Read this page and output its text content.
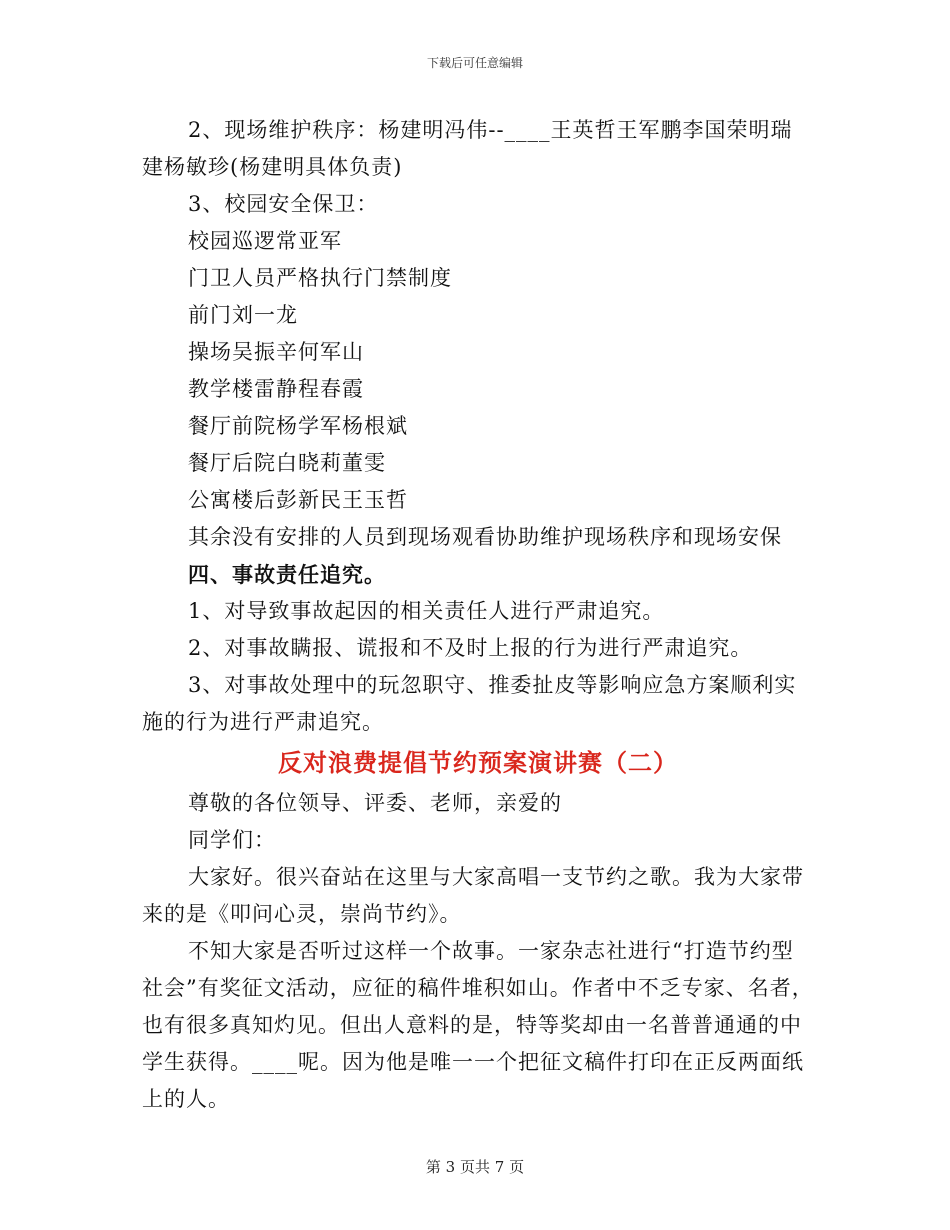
下载后可任意编辑

2、现场维护秩序：杨建明冯伟--____王英哲王军鹏李国荣明瑞建杨敏珍(杨建明具体负责)

3、校园安全保卫：

校园巡逻常亚军

门卫人员严格执行门禁制度

前门刘一龙

操场吴振辛何军山

教学楼雷静程春霞

餐厅前院杨学军杨根斌

餐厅后院白晓莉董雯

公寓楼后彭新民王玉哲

其余没有安排的人员到现场观看协助维护现场秩序和现场安保

四、事故责任追究。

1、对导致事故起因的相关责任人进行严肃追究。

2、对事故瞒报、谎报和不及时上报的行为进行严肃追究。

3、对事故处理中的玩忽职守、推委扯皮等影响应急方案顺利实施的行为进行严肃追究。

反对浪费提倡节约预案演讲赛（二）

尊敬的各位领导、评委、老师，亲爱的

同学们：

大家好。很兴奋站在这里与大家高唱一支节约之歌。我为大家带来的是《叩问心灵，崇尚节约》。

不知大家是否听过这样一个故事。一家杂志社进行“打造节约型社会”有奖征文活动，应征的稿件堆积如山。作者中不乏专家、名者，也有很多真知灼见。但出人意料的是，特等奖却由一名普普通通的中学生获得。____呢。因为他是唯一一个把征文稿件打印在正反两面纸上的人。

第 3 页共 7 页
